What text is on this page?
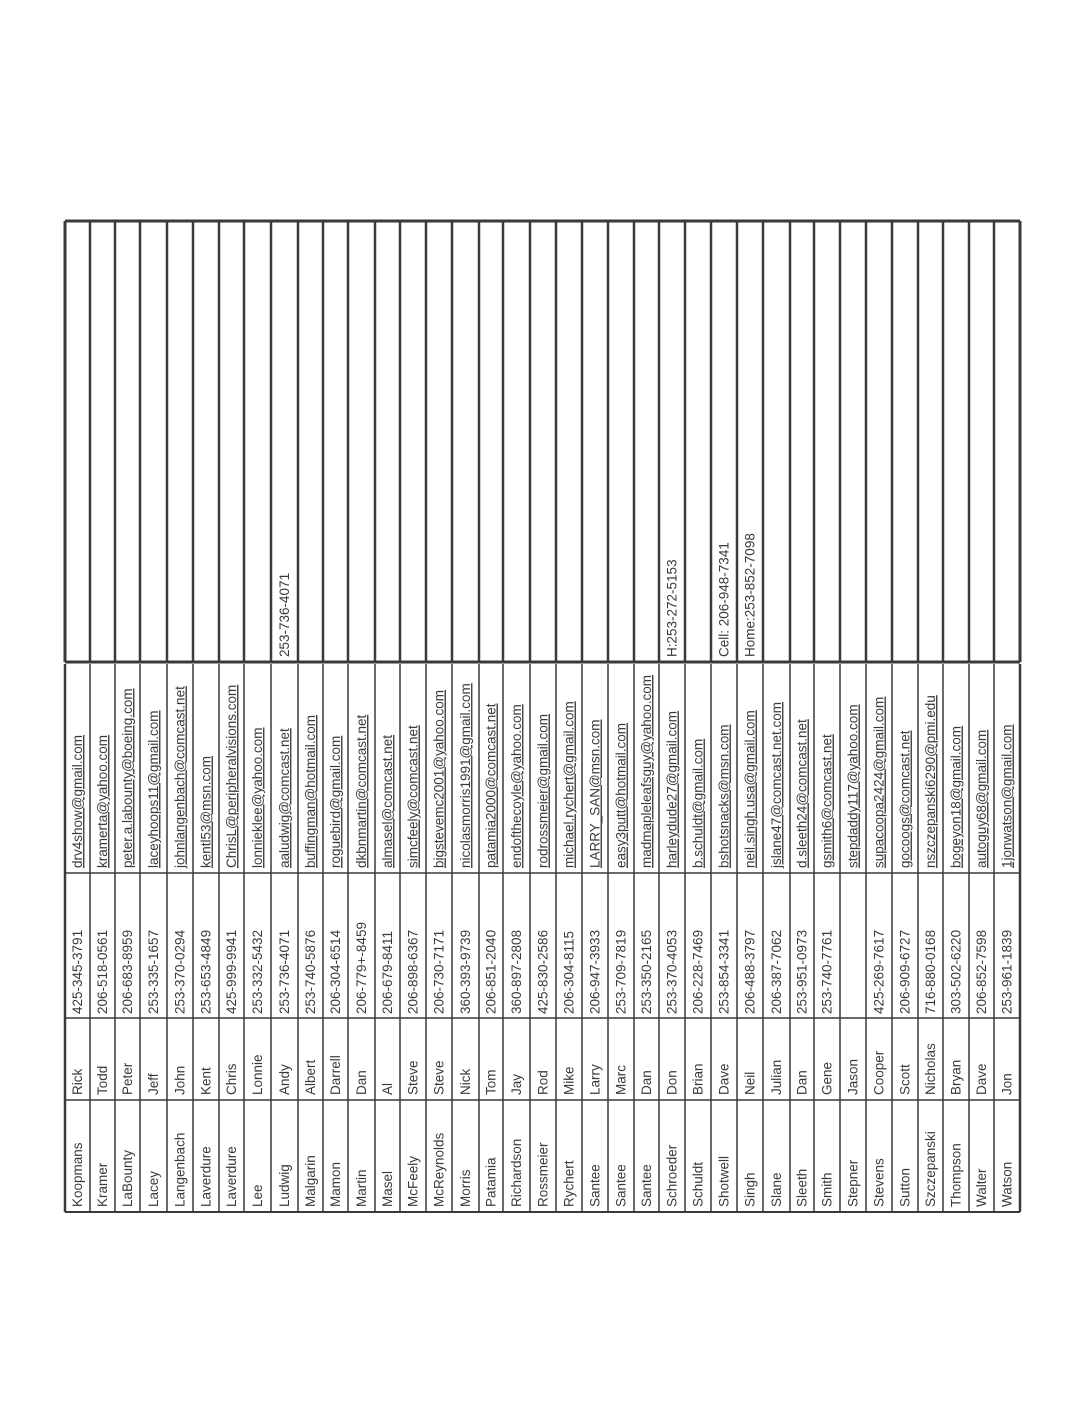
Koopmans
Rick
425-345-3791
drv4show@gmail.com
Kramer
Todd
206-518-0561
kramerta@yahoo.com
LaBounty
Peter
206-683-8959
peter.a.labounty@boeing.com
Lacey
Jeff
253-335-1657
laceyhoops11@gmail.com
Langenbach
John
253-370-0294
johnlangenbach@comcast.net
Laverdure
Kent
253-653-4849
kentl53@msn.com
Laverdure
Chris
425-999-9941
ChrisL@peripheralvisions.com
Lee
Lonnie
253-332-5432
lonnieklee@yahoo.com
Ludwig
Andy
253-736-4071
aaludwig@comcast.net
253-736-4071
Malgarin
Albert
253-740-5876
buffingman@hotmail.com
Mamon
Darrell
206-304-6514
roguebird@gmail.com
Martin
Dan
206-779+-8459
dkbnmartin@comcast.net
Masel
Al
206-679-8411
almasel@comcast.net
McFeely
Steve
206-898-6367
simcfeely@comcast.net
McReynolds
Steve
206-730-7171
bigstevemc2001@yahoo.com
Morris
Nick
360-393-9739
nicolasmorris1991@gmail.com
Patamia
Tom
206-851-2040
patamia2000@comcast.net
Richardson
Jay
360-897-2808
endofthecoyle@yahoo.com
Rossmeier
Rod
425-830-2586
rodrossmeier@gmail.com
Rychert
Mike
206-304-8115
michael.rychert@gmail.com
Santee
Larry
206-947-3933
LARRY_SAN@msn.com
Santee
Marc
253-709-7819
easy3putt@hotmail.com
Santee
Dan
253-350-2165
madmapleleafsguy@yahoo.com
Schroeder
Don
253-370-4053
harleydude27@gmail.com
H:253-272-5153
Schuldt
Brian
206-228-7469
b.schuldt@gmail.com
Shotwell
Dave
253-854-3341
bshotsnacks@msn.com
Cell: 206-948-7341
Singh
Neil
206-488-3797
neil.singh.usa@gmail.com
Home:253-852-7098
Slane
Julian
206-387-7062
jslane47@comcast.net.com
Sleeth
Dan
253-951-0973
d.sleeth24@comcast.net
Smith
Gene
253-740-7761
gsmith6@comcast.net
Stepner
Jason
stepdaddy117@yahoo.com
Stevens
Cooper
425-269-7617
supacoopa2424@gmail.com
Sutton
Scott
206-909-6727
gocoogs@comcast.net
Szczepanski
Nicholas
716-880-0168
nszczepanski6290@pmi.edu
Thompson
Bryan
303-502-6220
bogeyon18@gmail.com
Walter
Dave
206-852-7598
autoguy68@gmail.com
Watson
Jon
253-961-1839
1jonwatson@gmail.com
